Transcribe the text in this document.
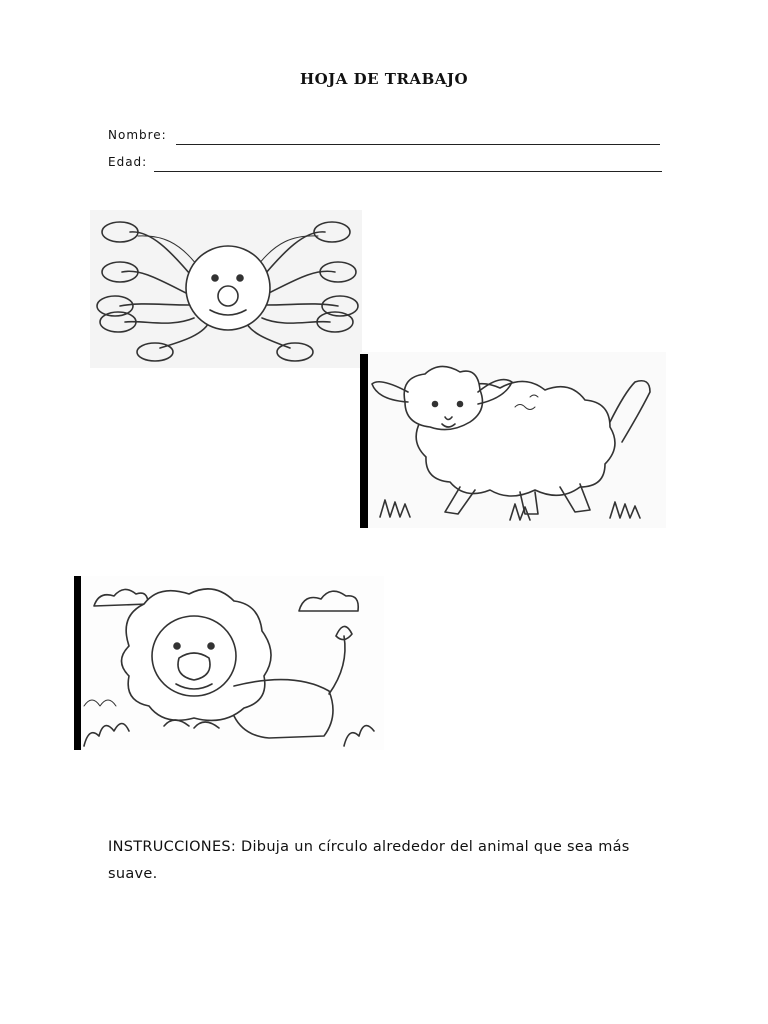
HOJA DE TRABAJO
Nombre:
Edad:
INSTRUCCIONES: Dibuja un círculo alrededor del animal que sea más suave.
